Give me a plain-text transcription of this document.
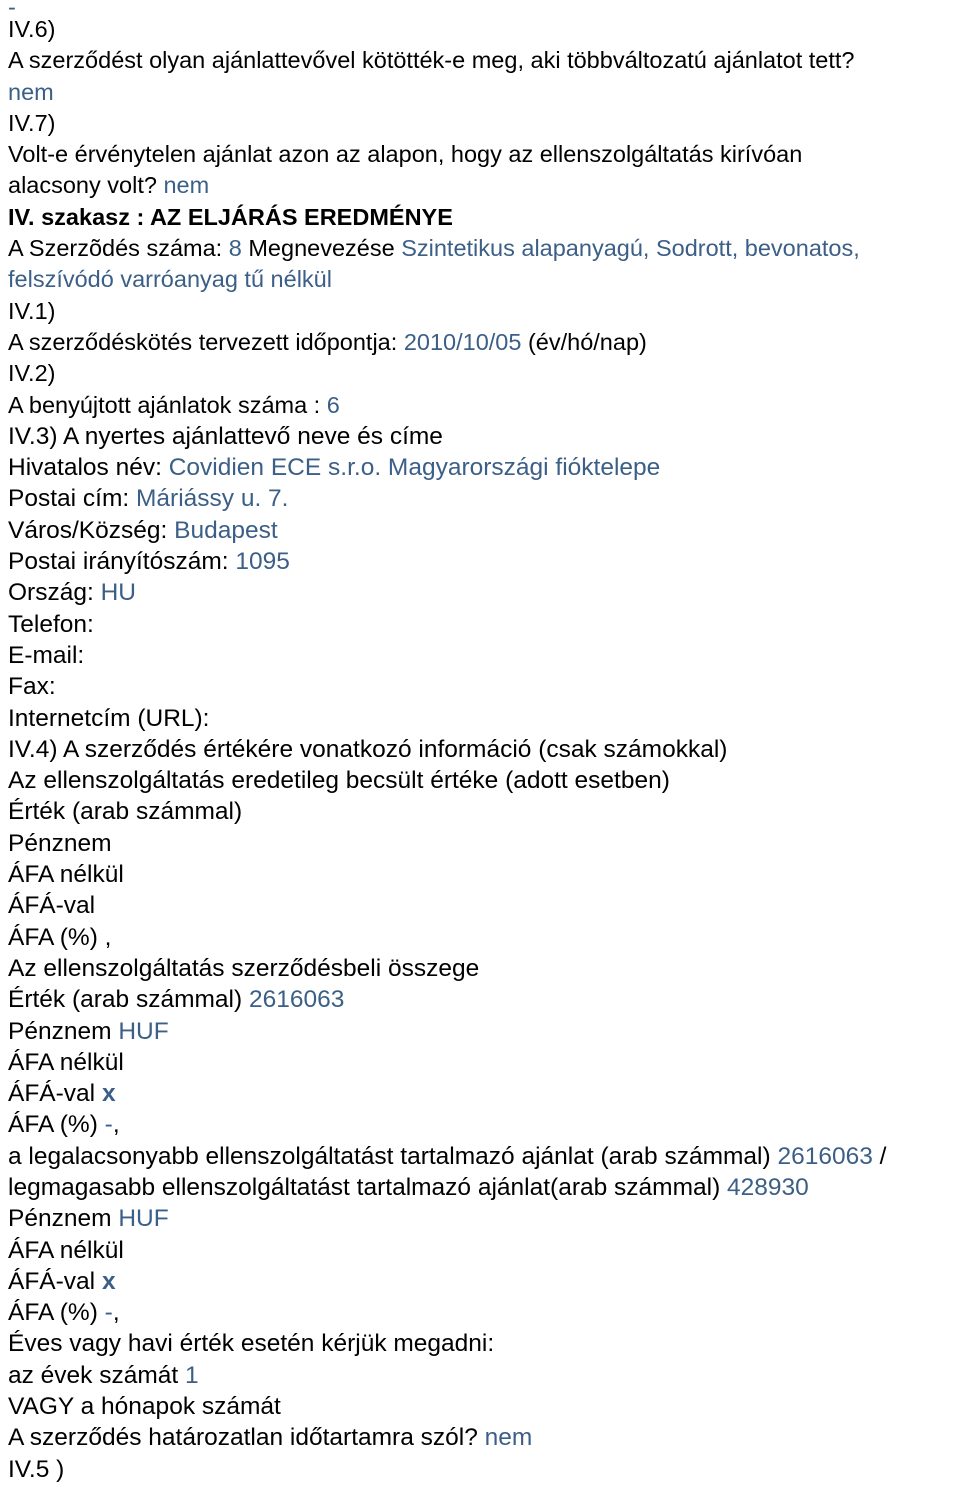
-
IV.6)
A szerződést olyan ajánlattevővel kötötték-e meg, aki többváltozatú ajánlatot tett?
nem
IV.7)
Volt-e érvénytelen ajánlat azon az alapon, hogy az ellenszolgáltatás kirívóan
alacsony volt? nem
IV. szakasz : AZ ELJÁRÁS EREDMÉNYE
A Szerzõdés száma: 8 Megnevezése Szintetikus alapanyagú, Sodrott, bevonatos,
felszívódó varróanyag tű nélkül
IV.1)
A szerződéskötés tervezett időpontja: 2010/10/05 (év/hó/nap)
IV.2)
A benyújtott ajánlatok száma : 6
IV.3) A nyertes ajánlattevő neve és címe
Hivatalos név: Covidien ECE s.r.o. Magyarországi fióktelepe
Postai cím: Máriássy u. 7.
Város/Község: Budapest
Postai irányítószám: 1095
Ország: HU
Telefon:
E-mail:
Fax:
Internetcím (URL):
IV.4) A szerződés értékére vonatkozó információ (csak számokkal)
Az ellenszolgáltatás eredetileg becsült értéke (adott esetben)
Érték (arab számmal)
Pénznem
ÁFA nélkül
ÁFÁ-val
ÁFA (%) ,
Az ellenszolgáltatás szerződésbeli összege
Érték (arab számmal) 2616063
Pénznem HUF
ÁFA nélkül
ÁFÁ-val x
ÁFA (%) -,
a legalacsonyabb ellenszolgáltatást tartalmazó ajánlat (arab számmal) 2616063 /
legmagasabb ellenszolgáltatást tartalmazó ajánlat(arab számmal) 428930
Pénznem HUF
ÁFA nélkül
ÁFÁ-val x
ÁFA (%) -,
Éves vagy havi érték esetén kérjük megadni:
az évek számát 1
VAGY a hónapok számát
A szerződés határozatlan időtartamra szól? nem
IV.5 )
